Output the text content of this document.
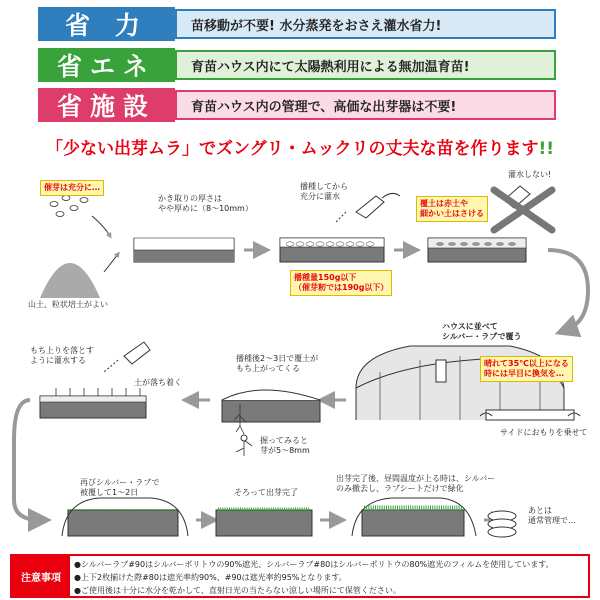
省 力	苗移動が不要! 水分蒸発をおさえ灌水省力!
省エネ	育苗ハウス内にて太陽熱利用による無加温育苗!
省施設	育苗ハウス内の管理で、高価な出芽器は不要!
「少ない出芽ムラ」でズングリ・ムックリの丈夫な苗を作ります!!
催芽は充分に…
山土、粒状培土がよい
かき取りの厚さは
やや厚めに（8〜10mm）
播種してから
充分に灌水
播種量150g以下
（催芽籾では190g以下）
覆土は赤土や
細かい土はさける
灌水しない!
ハウスに並べて
シルバー・ラブで覆う
晴れて35℃以上になる
時には早目に換気を…
サイドにおもりを乗せて
播種後2〜3日で覆土が
もち上がってくる
掘ってみると
芽が5〜8mm
土が落ち着く
もち上りを落とす
ように灌水する
再びシルバー・ラブで
被覆して1〜2日	そろって出芽完了
出芽完了後、昼間温度が上る時は、シルバー
のみ撤去し、ラブシートだけで緑化
あとは
通常管理で…
注意事項
●シルバーラブ#90はシルバーポリトウの90%遮光、シルバーラブ#80はシルバーポリトウの80%遮光のフィルムを使用しています。
●上下2枚揃けた際#80は遮光率約90%、#90は遮光率約95%となります。
●ご使用後は十分に水分を乾かして、直射日光の当たらない涼しい場所にて保管ください。
